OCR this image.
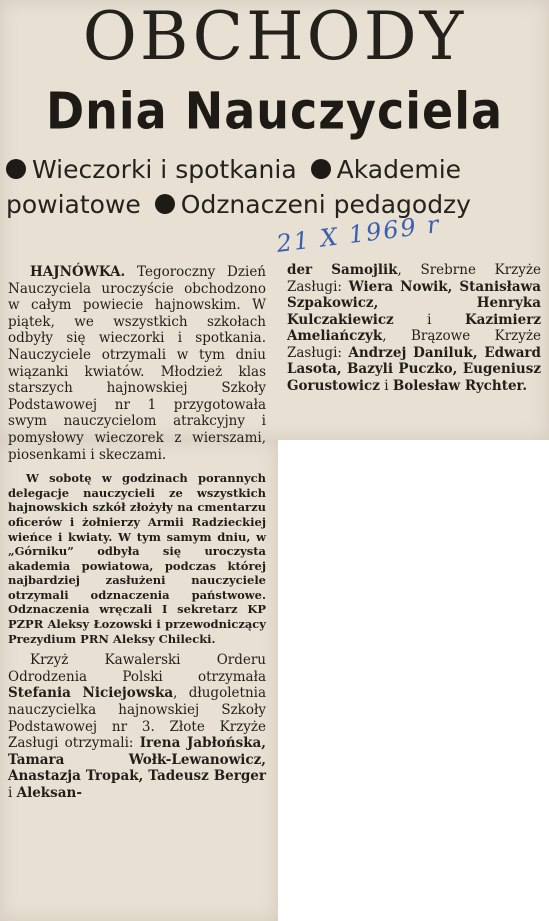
OBCHODY
Dnia Nauczyciela

Wieczorki i spotkania Akademie powiatowe Odznaczeni pedagodzy

21 X 1969 r

HAJNÓWKA. Tegoroczny Dzień Nauczyciela uroczyście obchodzono w całym powiecie hajnowskim. W piątek, we wszystkich szkołach odbyły się wieczorki i spotkania. Nauczyciele otrzymali w tym dniu wiązanki kwiatów. Młodzież klas starszych hajnowskiej Szkoły Podstawowej nr 1 przygotowała swym nauczycielom atrakcyjny i pomysłowy wieczorek z wierszami, piosenkami i skeczami.

W sobotę w godzinach porannych delegacje nauczycieli ze wszystkich hajnowskich szkół złożyły na cmentarzu oficerów i żołnierzy Armii Radzieckiej wieńce i kwiaty. W tym samym dniu, w „Górniku” odbyła się uroczysta akademia powiatowa, podczas której najbardziej zasłużeni nauczyciele otrzymali odznaczenia państwowe. Odznaczenia wręczali I sekretarz KP PZPR Aleksy Łozowski i przewodniczący Prezydium PRN Aleksy Chilecki.

Krzyż Kawalerski Orderu Odrodzenia Polski otrzymała Stefania Niciejowska, długoletnia nauczycielka hajnowskiej Szkoły Podstawowej nr 3. Złote Krzyże Zasługi otrzymali: Irena Jabłońska, Tamara Wołk-Lewanowicz, Anastazja Tropak, Tadeusz Berger i Aleksan-

der Samojlik, Srebrne Krzyże Zasługi: Wiera Nowik, Stanisława Szpakowicz, Henryka Kulczakiewicz i Kazimierz Ameliańczyk, Brązowe Krzyże Zasługi: Andrzej Daniluk, Edward Lasota, Bazyli Puczko, Eugeniusz Gorustowicz i Bolesław Rychter.
